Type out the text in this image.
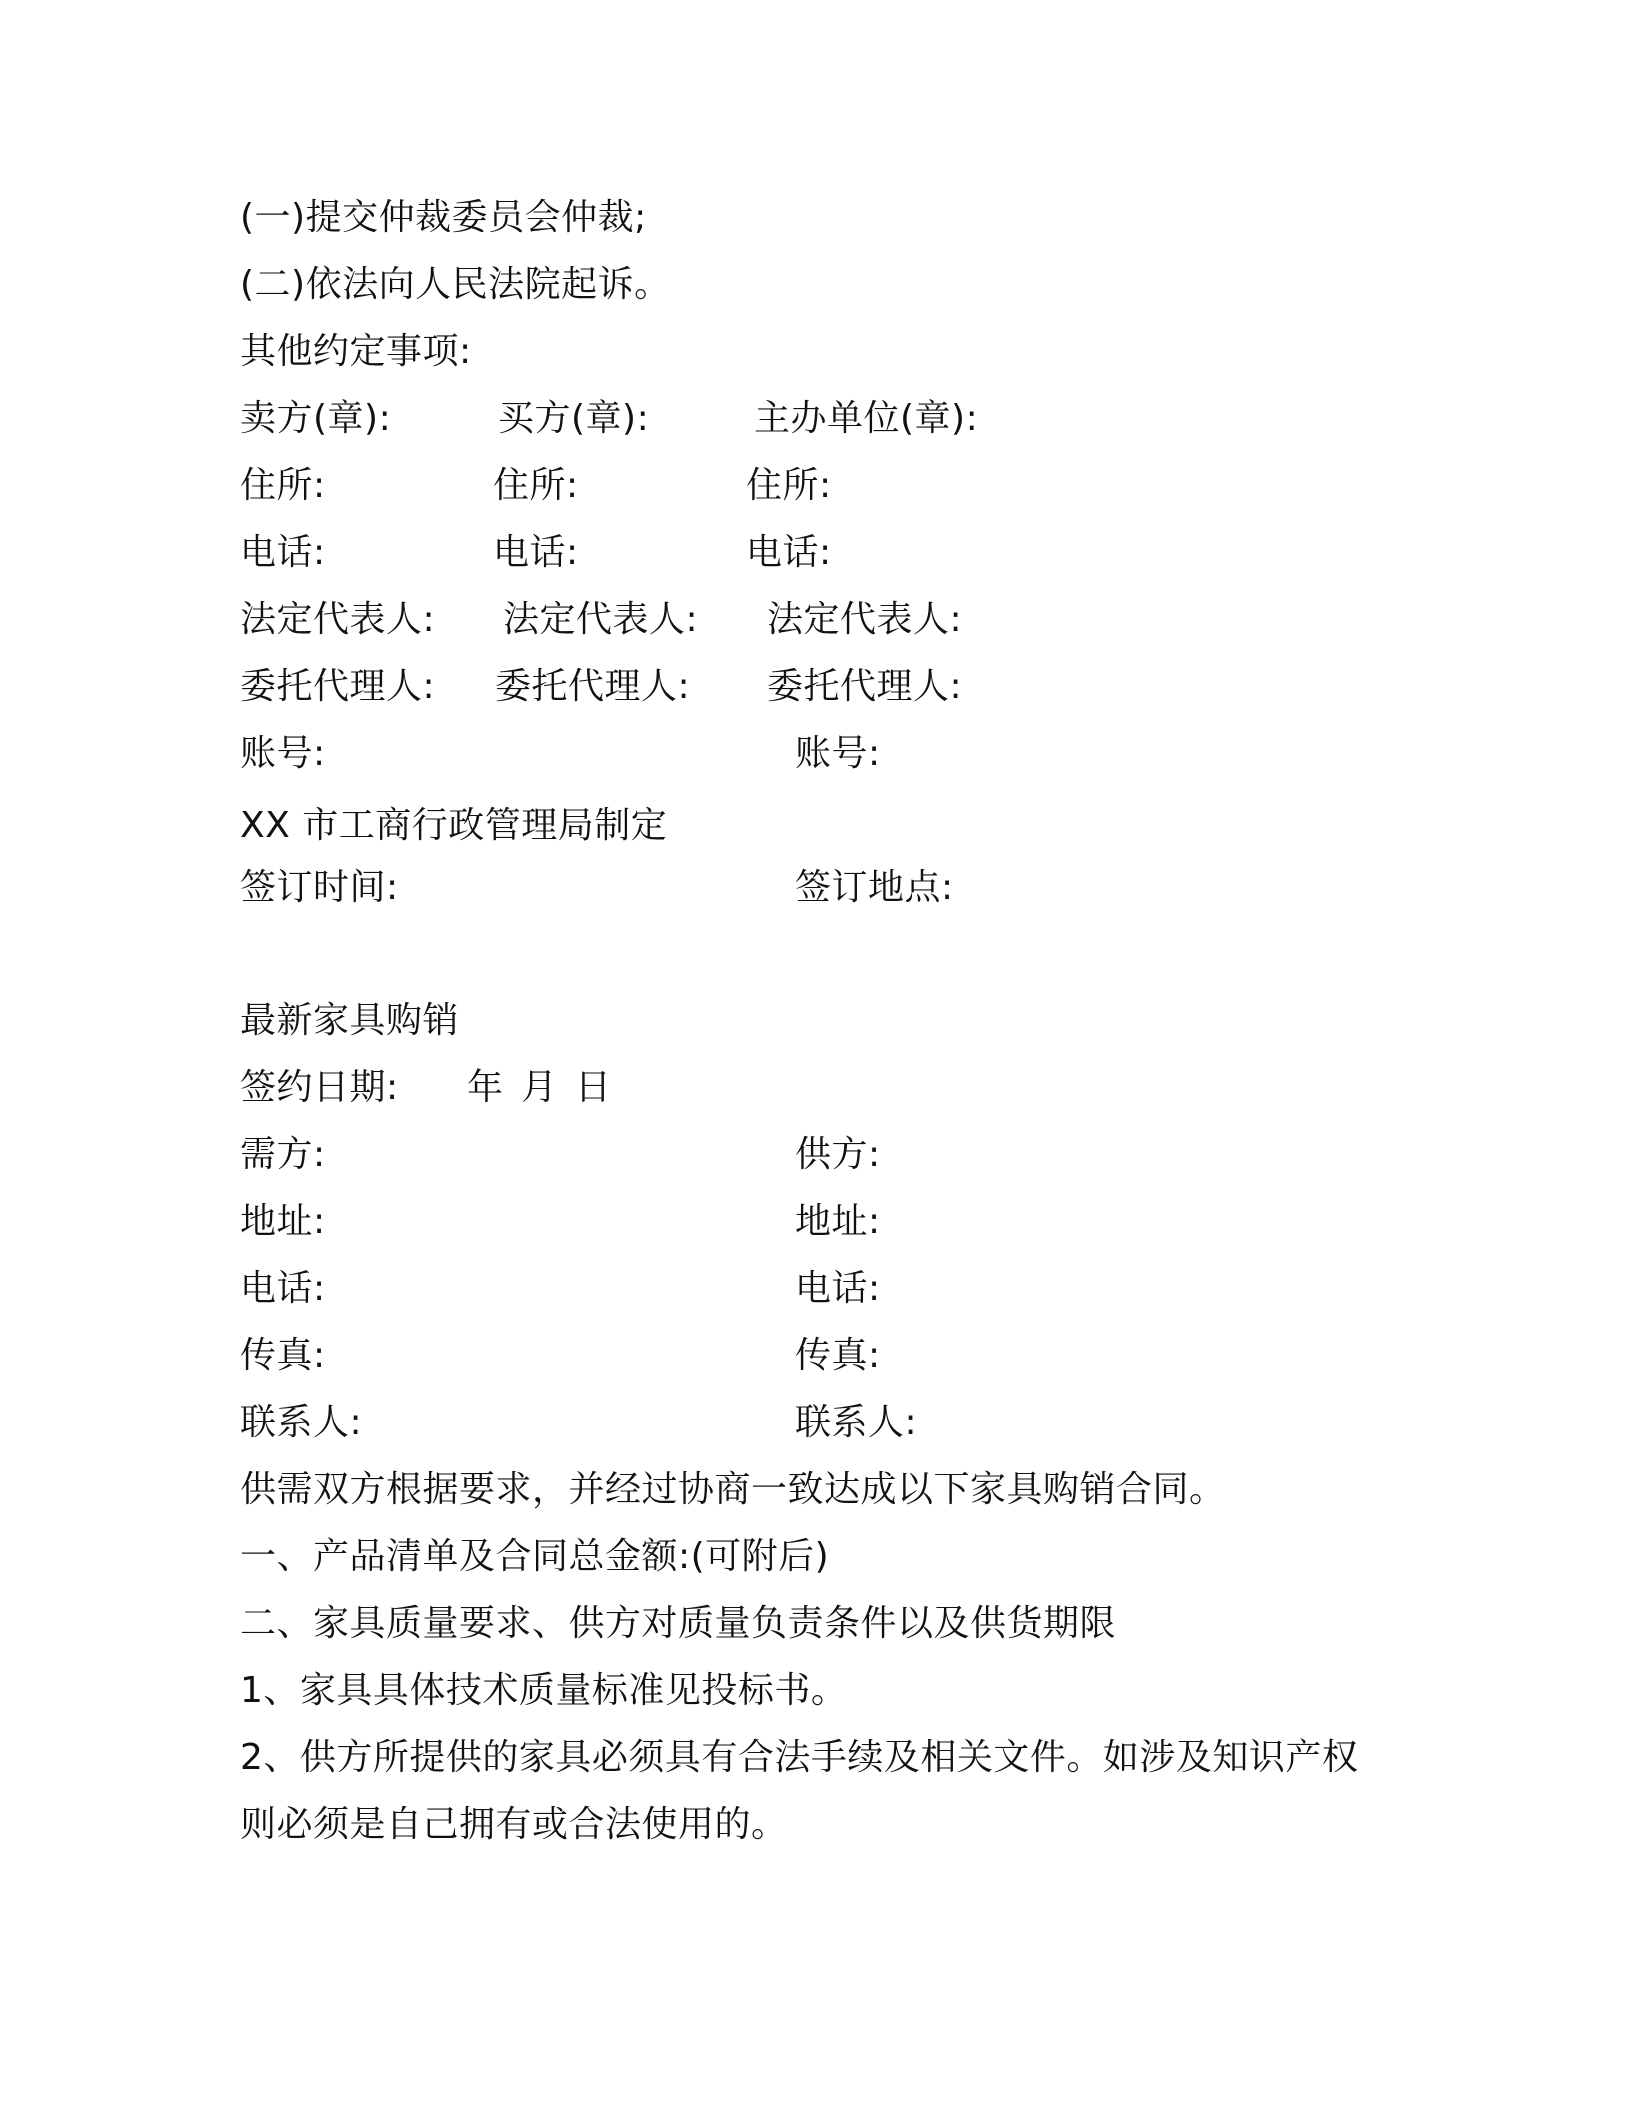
(一)提交仲裁委员会仲裁;
(二)依法向人民法院起诉。
其他约定事项:
卖方(章):	买方(章):	主办单位(章):
住所:	住所:	住所:
电话:	电话:	电话:
法定代表人: 法定代表人: 法定代表人:
委托代理人: 委托代理人: 委托代理人:
账号:	账号:
XX 市工商行政管理局制定
签订时间:	签订地点:
最新家具购销
签约日期: 年 月 日
需方:	供方:
地址:	地址:
电话:	电话:
传真:	传真:
联系人:	联系人:
供需双方根据要求，并经过协商一致达成以下家具购销合同。
一、产品清单及合同总金额:(可附后)
二、家具质量要求、供方对质量负责条件以及供货期限
1、家具具体技术质量标准见投标书。
2、供方所提供的家具必须具有合法手续及相关文件。如涉及知识产权
则必须是自己拥有或合法使用的。
